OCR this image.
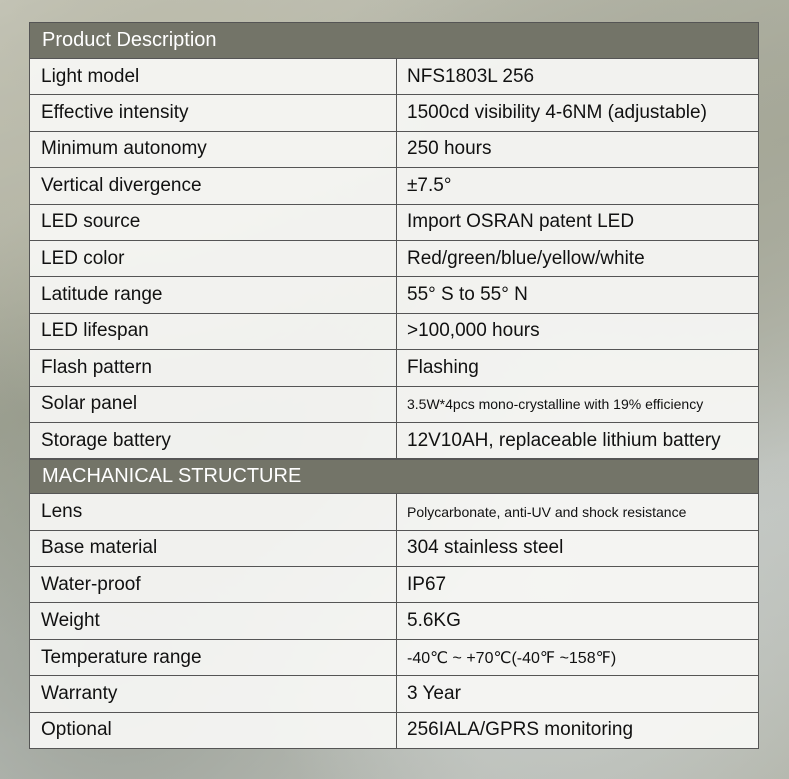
Product Description
Light model	NFS1803L 256
Effective intensity	1500cd visibility 4-6NM (adjustable)
Minimum autonomy	250 hours
Vertical divergence	±7.5°
LED source	Import OSRAN patent LED
LED color	Red/green/blue/yellow/white
Latitude range	55° S to 55° N
LED lifespan	>100,000 hours
Flash pattern	Flashing
Solar panel	3.5W*4pcs mono-crystalline with 19% efficiency
Storage battery	12V10AH, replaceable lithium battery
MACHANICAL STRUCTURE
Lens	Polycarbonate, anti-UV and shock resistance
Base material	304 stainless steel
Water-proof	IP67
Weight	5.6KG
Temperature range	-40℃ ~ +70℃(-40℉ ~158℉)
Warranty	3 Year
Optional	256IALA/GPRS monitoring
